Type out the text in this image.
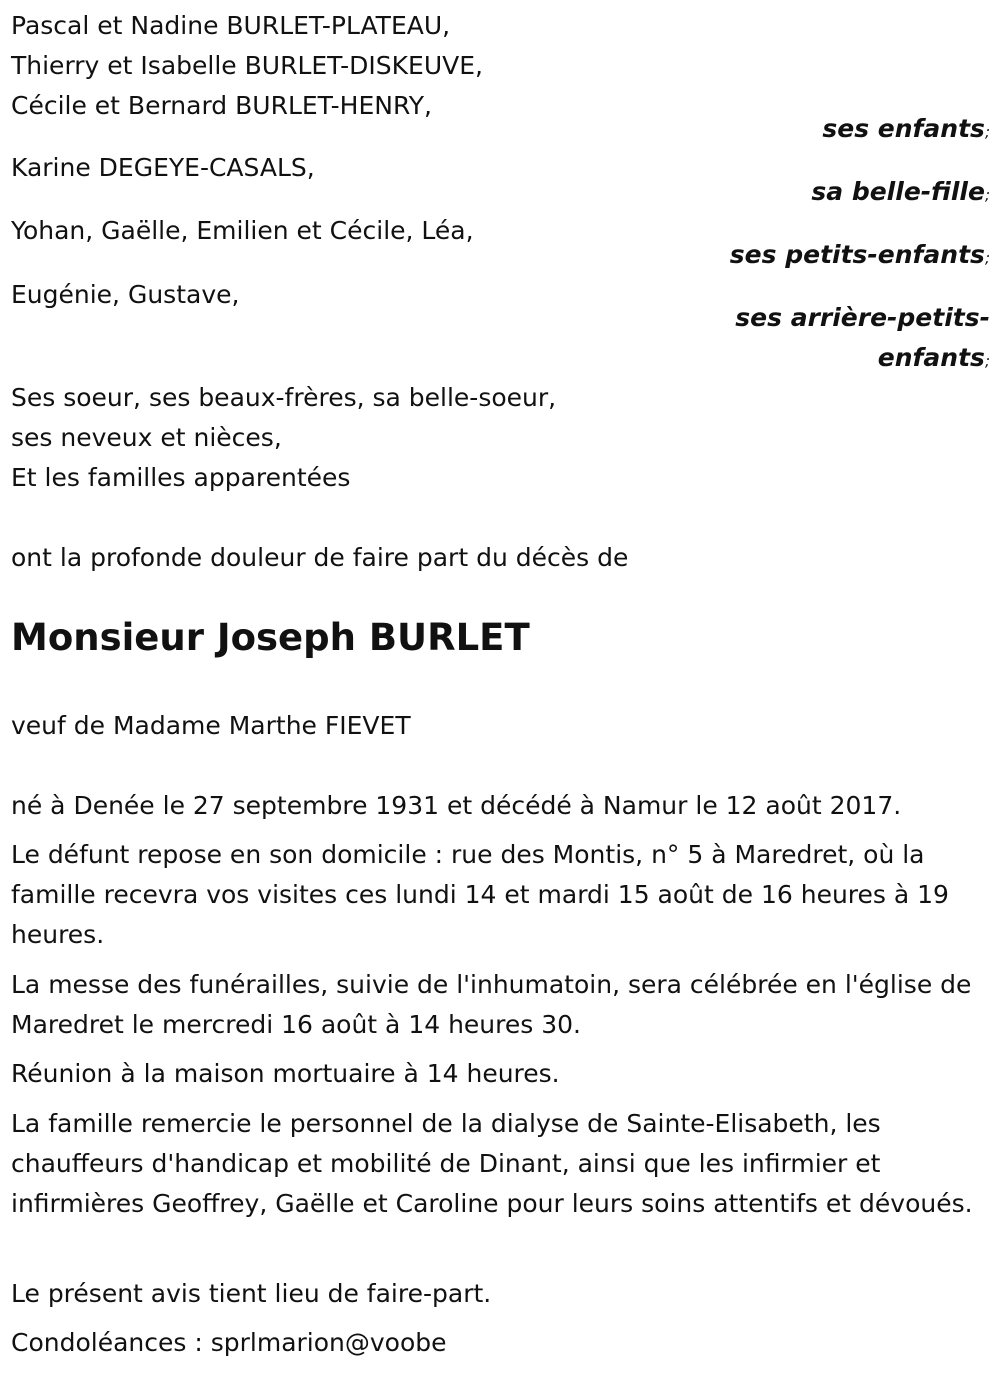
Pascal et Nadine BURLET-PLATEAU,
Thierry et Isabelle BURLET-DISKEUVE,
Cécile et Bernard BURLET-HENRY,
ses enfants;
Karine DEGEYE-CASALS,
sa belle-fille;
Yohan, Gaëlle, Emilien et Cécile, Léa,
ses petits-enfants;
Eugénie, Gustave,
ses arrière-petits-
enfants;
Ses soeur, ses beaux-frères, sa belle-soeur,
ses neveux et nièces,
Et les familles apparentées
ont la profonde douleur de faire part du décès de
Monsieur Joseph BURLET
veuf de Madame Marthe FIEVET
né à Denée le 27 septembre 1931 et décédé à Namur le 12 août 2017.
Le défunt repose en son domicile : rue des Montis, n° 5 à Maredret, où la famille recevra vos visites ces lundi 14 et mardi 15 août de 16 heures à 19 heures.
La messe des funérailles, suivie de l'inhumatoin, sera célébrée en l'église de Maredret le mercredi 16 août à 14 heures 30.
Réunion à la maison mortuaire à 14 heures.
La famille remercie le personnel de la dialyse de Sainte-Elisabeth, les chauffeurs d'handicap et mobilité de Dinant, ainsi que les infirmier et infirmières Geoffrey, Gaëlle et Caroline pour leurs soins attentifs et dévoués.
Le présent avis tient lieu de faire-part.
Condoléances : sprlmarion@voobe
